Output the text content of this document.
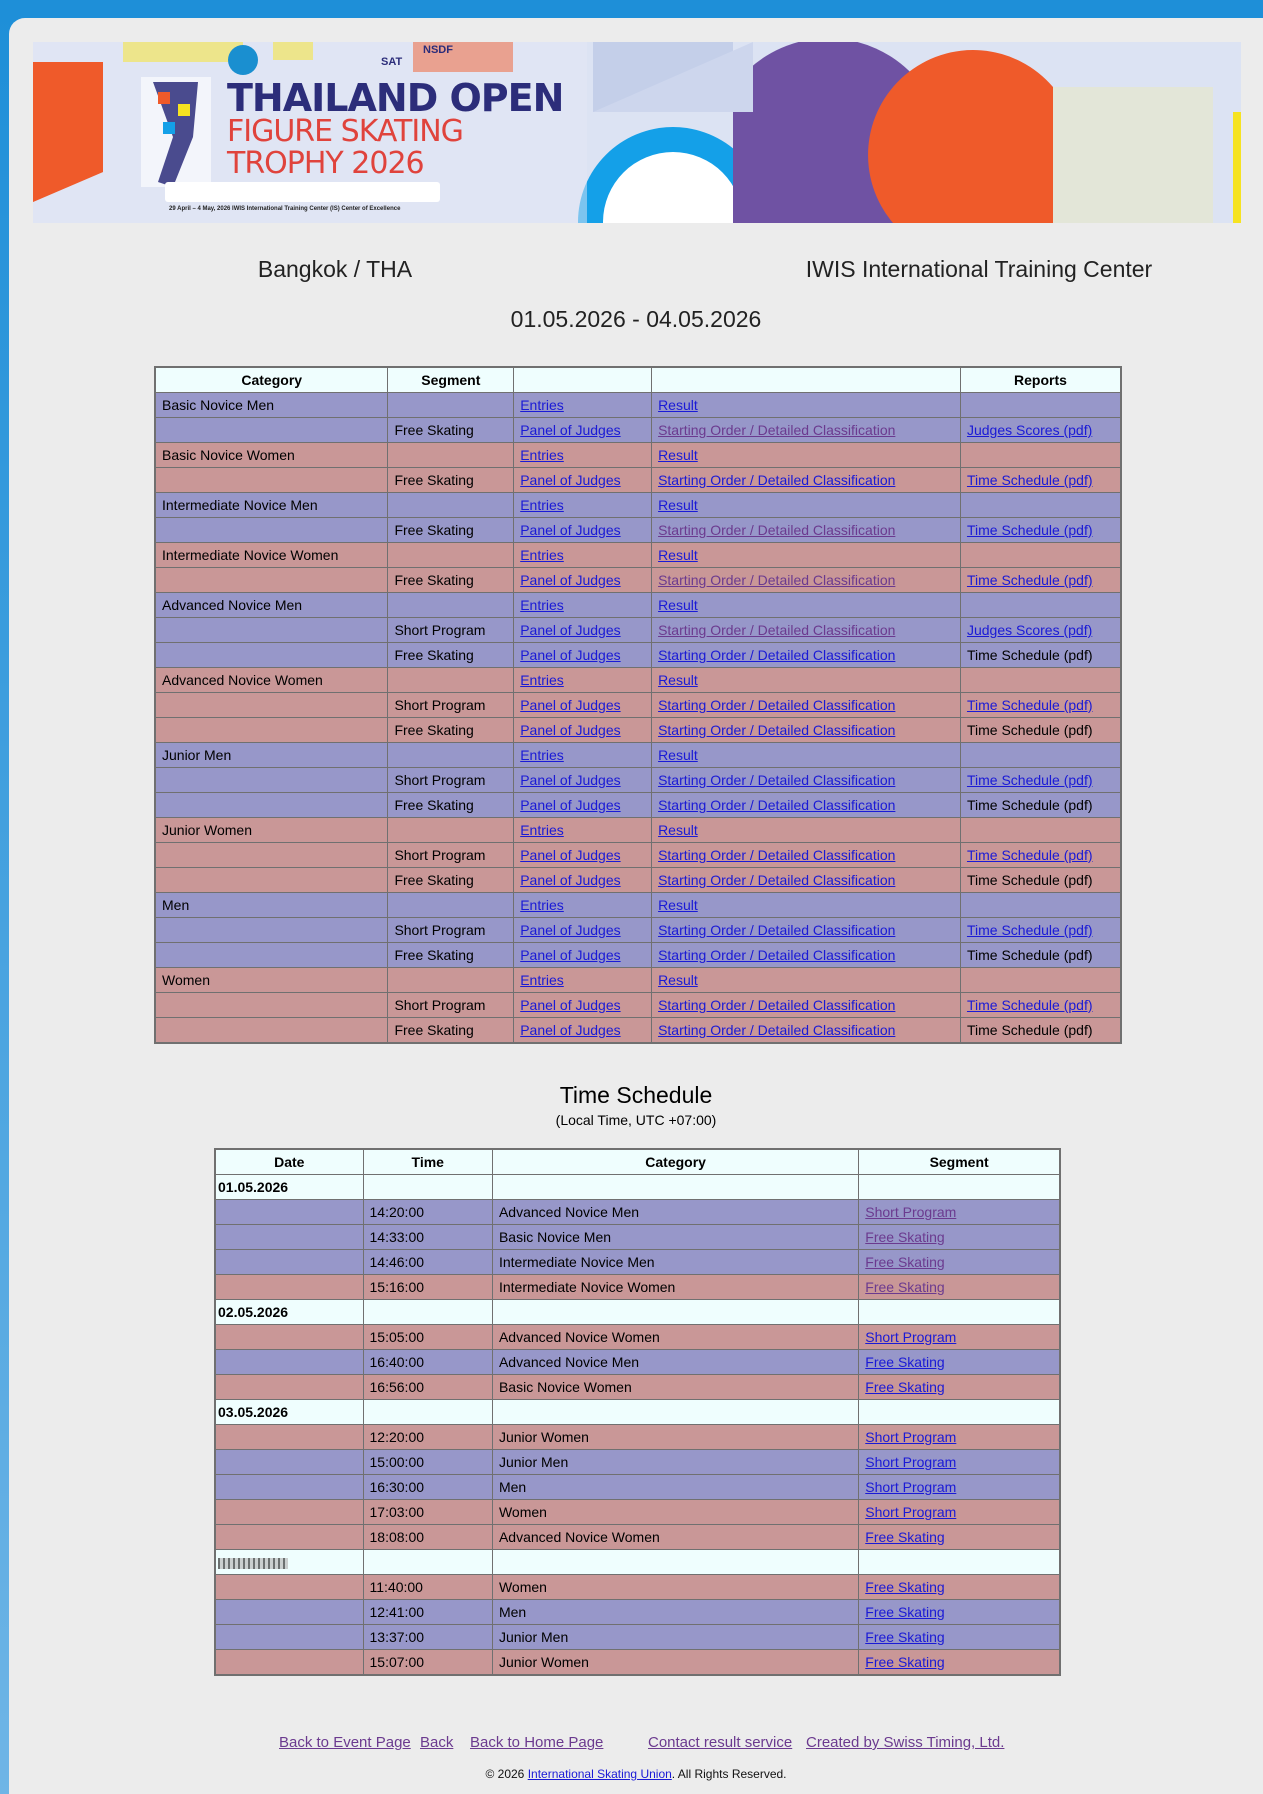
THAILAND OPEN
FIGURE SKATING
TROPHY 2026
NSDF
SAT
29 April – 4 May, 2026 IWIS International Training Center (IS) Center of Excellence
Bangkok / THA	IWIS International Training Center
01.05.2026 - 04.05.2026
Category	Segment			Reports
Basic Novice Men		Entries	Result	
	Free Skating	Panel of Judges	Starting Order / Detailed Classification	Judges Scores (pdf)
Basic Novice Women		Entries	Result	
	Free Skating	Panel of Judges	Starting Order / Detailed Classification	Time Schedule (pdf)
Intermediate Novice Men		Entries	Result	
	Free Skating	Panel of Judges	Starting Order / Detailed Classification	Time Schedule (pdf)
Intermediate Novice Women		Entries	Result	
	Free Skating	Panel of Judges	Starting Order / Detailed Classification	Time Schedule (pdf)
Advanced Novice Men		Entries	Result	
	Short Program	Panel of Judges	Starting Order / Detailed Classification	Judges Scores (pdf)
	Free Skating	Panel of Judges	Starting Order / Detailed Classification	Time Schedule (pdf)
Advanced Novice Women		Entries	Result	
	Short Program	Panel of Judges	Starting Order / Detailed Classification	Time Schedule (pdf)
	Free Skating	Panel of Judges	Starting Order / Detailed Classification	Time Schedule (pdf)
Junior Men		Entries	Result	
	Short Program	Panel of Judges	Starting Order / Detailed Classification	Time Schedule (pdf)
	Free Skating	Panel of Judges	Starting Order / Detailed Classification	Time Schedule (pdf)
Junior Women		Entries	Result	
	Short Program	Panel of Judges	Starting Order / Detailed Classification	Time Schedule (pdf)
	Free Skating	Panel of Judges	Starting Order / Detailed Classification	Time Schedule (pdf)
Men		Entries	Result	
	Short Program	Panel of Judges	Starting Order / Detailed Classification	Time Schedule (pdf)
	Free Skating	Panel of Judges	Starting Order / Detailed Classification	Time Schedule (pdf)
Women		Entries	Result	
	Short Program	Panel of Judges	Starting Order / Detailed Classification	Time Schedule (pdf)
	Free Skating	Panel of Judges	Starting Order / Detailed Classification	Time Schedule (pdf)
Time Schedule
(Local Time, UTC +07:00)
Date	Time	Category	Segment
01.05.2026			
	14:20:00	Advanced Novice Men	Short Program
	14:33:00	Basic Novice Men	Free Skating
	14:46:00	Intermediate Novice Men	Free Skating
	15:16:00	Intermediate Novice Women	Free Skating
02.05.2026			
	15:05:00	Advanced Novice Women	Short Program
	16:40:00	Advanced Novice Men	Free Skating
	16:56:00	Basic Novice Women	Free Skating
03.05.2026			
	12:20:00	Junior Women	Short Program
	15:00:00	Junior Men	Short Program
	16:30:00	Men	Short Program
	17:03:00	Women	Short Program
	18:08:00	Advanced Novice Women	Free Skating

	11:40:00	Women	Free Skating
	12:41:00	Men	Free Skating
	13:37:00	Junior Men	Free Skating
	15:07:00	Junior Women	Free Skating
Back to Event Page Back Back to Home Page	Contact result service Created by Swiss Timing, Ltd.
© 2026 International Skating Union. All Rights Reserved.
